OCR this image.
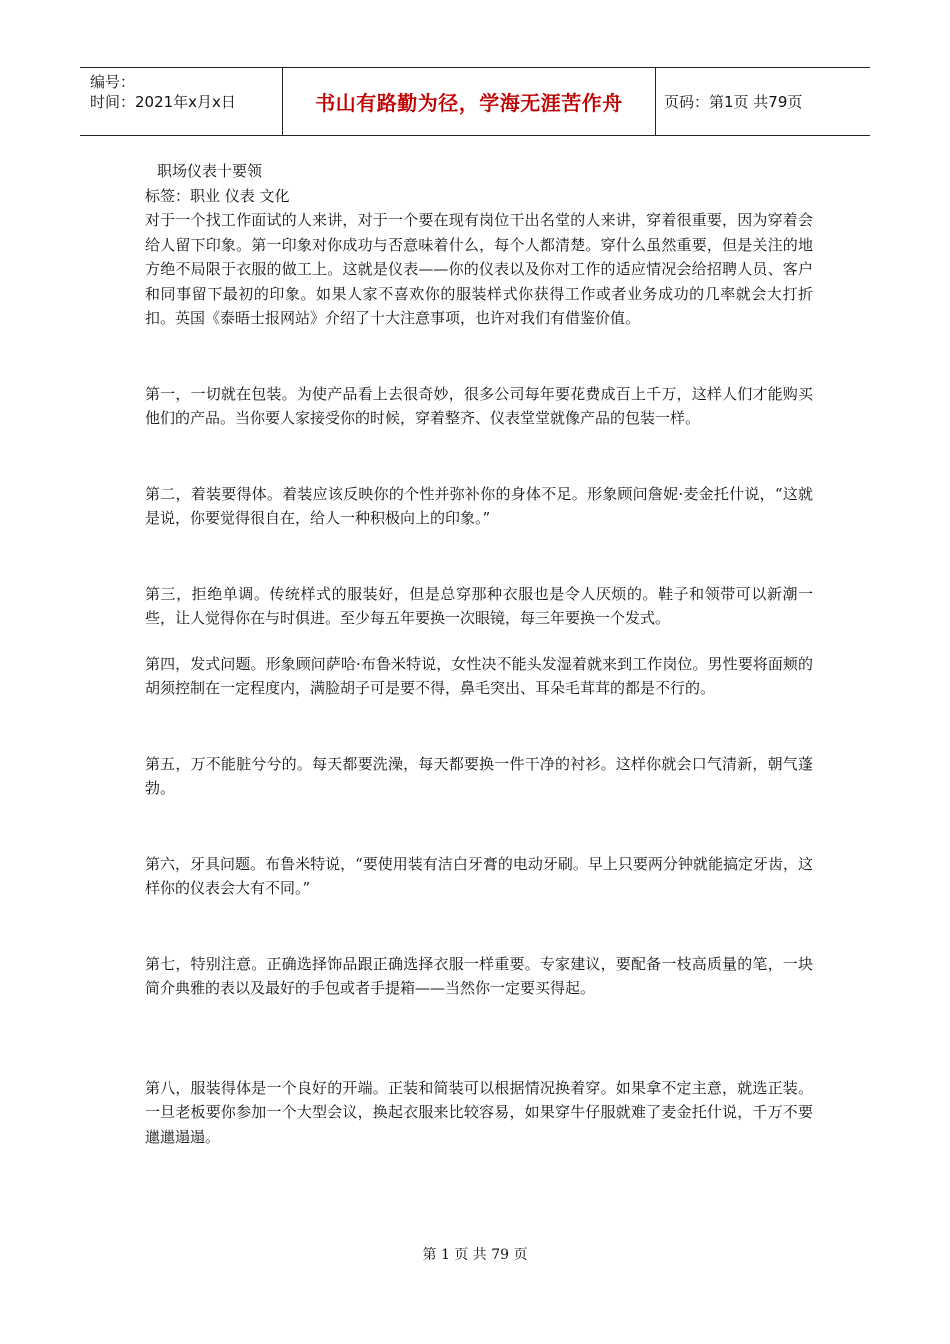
编号：
时间：2021年x月x日	书山有路勤为径，学海无涯苦作舟	页码：第1页 共79页

职场仪表十要领

标签：职业 仪表 文化

对于一个找工作面试的人来讲，对于一个要在现有岗位干出名堂的人来讲，穿着很重要，因为穿着会给人留下印象。第一印象对你成功与否意味着什么，每个人都清楚。穿什么虽然重要，但是关注的地方绝不局限于衣服的做工上。这就是仪表——你的仪表以及你对工作的适应情况会给招聘人员、客户和同事留下最初的印象。如果人家不喜欢你的服装样式你获得工作或者业务成功的几率就会大打折扣。英国《泰晤士报网站》介绍了十大注意事项，也许对我们有借鉴价值。

第一，一切就在包装。为使产品看上去很奇妙，很多公司每年要花费成百上千万，这样人们才能购买他们的产品。当你要人家接受你的时候，穿着整齐、仪表堂堂就像产品的包装一样。

第二，着装要得体。着装应该反映你的个性并弥补你的身体不足。形象顾问詹妮·麦金托什说，“这就是说，你要觉得很自在，给人一种积极向上的印象。”

第三，拒绝单调。传统样式的服装好，但是总穿那种衣服也是令人厌烦的。鞋子和领带可以新潮一些，让人觉得你在与时俱进。至少每五年要换一次眼镜，每三年要换一个发式。

第四，发式问题。形象顾问萨哈·布鲁米特说，女性决不能头发湿着就来到工作岗位。男性要将面颊的胡须控制在一定程度内，满脸胡子可是要不得，鼻毛突出、耳朵毛茸茸的都是不行的。

第五，万不能脏兮兮的。每天都要洗澡，每天都要换一件干净的衬衫。这样你就会口气清新，朝气蓬勃。

第六，牙具问题。布鲁米特说，“要使用装有洁白牙膏的电动牙刷。早上只要两分钟就能搞定牙齿，这样你的仪表会大有不同。”

第七，特别注意。正确选择饰品跟正确选择衣服一样重要。专家建议，要配备一枝高质量的笔，一块简介典雅的表以及最好的手包或者手提箱——当然你一定要买得起。

第八，服装得体是一个良好的开端。正装和简装可以根据情况换着穿。如果拿不定主意，就选正装。一旦老板要你参加一个大型会议，换起衣服来比较容易，如果穿牛仔服就难了麦金托什说，千万不要邋邋遢遢。

第 1 页 共 79 页
